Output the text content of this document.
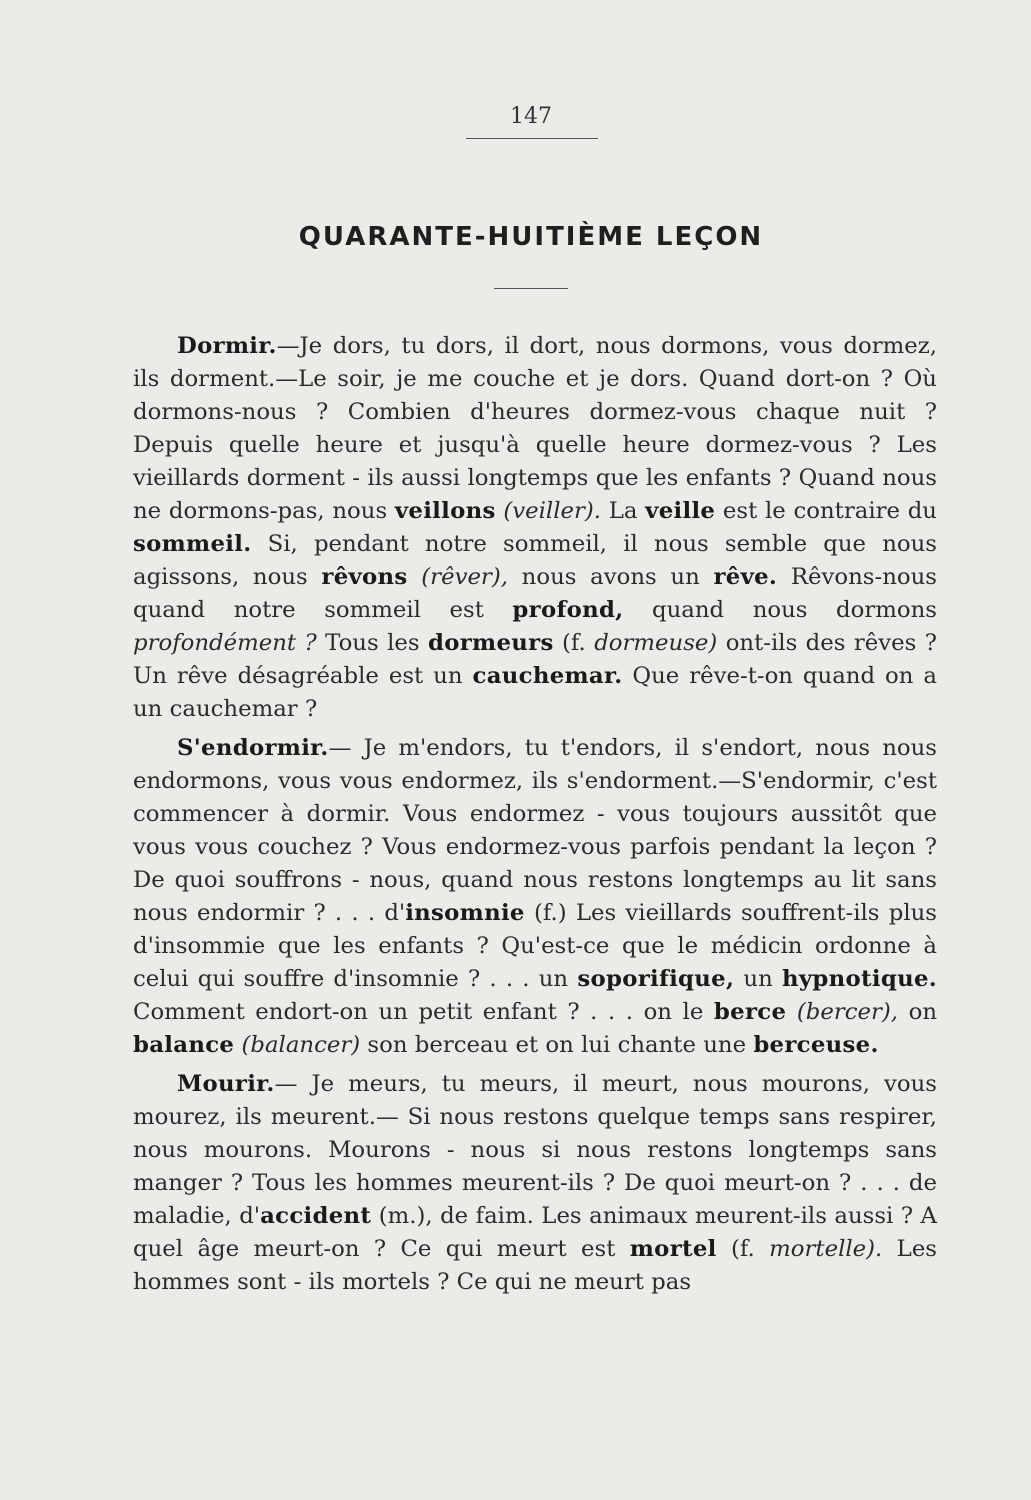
147
QUARANTE-HUITIÈME LEÇON

Dormir.—Je dors, tu dors, il dort, nous dormons, vous dormez, ils dorment.—Le soir, je me couche et je dors. Quand dort-on ? Où dormons-nous ? Combien d'heures dormez-vous chaque nuit ? Depuis quelle heure et jusqu'à quelle heure dormez-vous ? Les vieillards dorment - ils aussi longtemps que les enfants ? Quand nous ne dormons-pas, nous veillons (veiller). La veille est le contraire du sommeil. Si, pendant notre sommeil, il nous semble que nous agissons, nous rêvons (rêver), nous avons un rêve. Rêvons-nous quand notre sommeil est profond, quand nous dormons profondément ? Tous les dormeurs (f. dormeuse) ont-ils des rêves ? Un rêve désagréable est un cauchemar. Que rêve-t-on quand on a un cauchemar ?

S'endormir.— Je m'endors, tu t'endors, il s'endort, nous nous endormons, vous vous endormez, ils s'endorment.—S'endormir, c'est commencer à dormir. Vous endormez - vous toujours aussitôt que vous vous couchez ? Vous endormez-vous parfois pendant la leçon ? De quoi souffrons - nous, quand nous restons longtemps au lit sans nous endormir ? . . . d'insomnie (f.) Les vieillards souffrent-ils plus d'insommie que les enfants ? Qu'est-ce que le médicin ordonne à celui qui souffre d'insomnie ? . . . un soporifique, un hypnotique. Comment endort-on un petit enfant ? . . . on le berce (bercer), on balance (balancer) son berceau et on lui chante une berceuse.

Mourir.— Je meurs, tu meurs, il meurt, nous mourons, vous mourez, ils meurent.— Si nous restons quelque temps sans respirer, nous mourons. Mourons - nous si nous restons longtemps sans manger ? Tous les hommes meurent-ils ? De quoi meurt-on ? . . . de maladie, d'accident (m.), de faim. Les animaux meurent-ils aussi ? A quel âge meurt-on ? Ce qui meurt est mortel (f. mortelle). Les hommes sont - ils mortels ? Ce qui ne meurt pas
